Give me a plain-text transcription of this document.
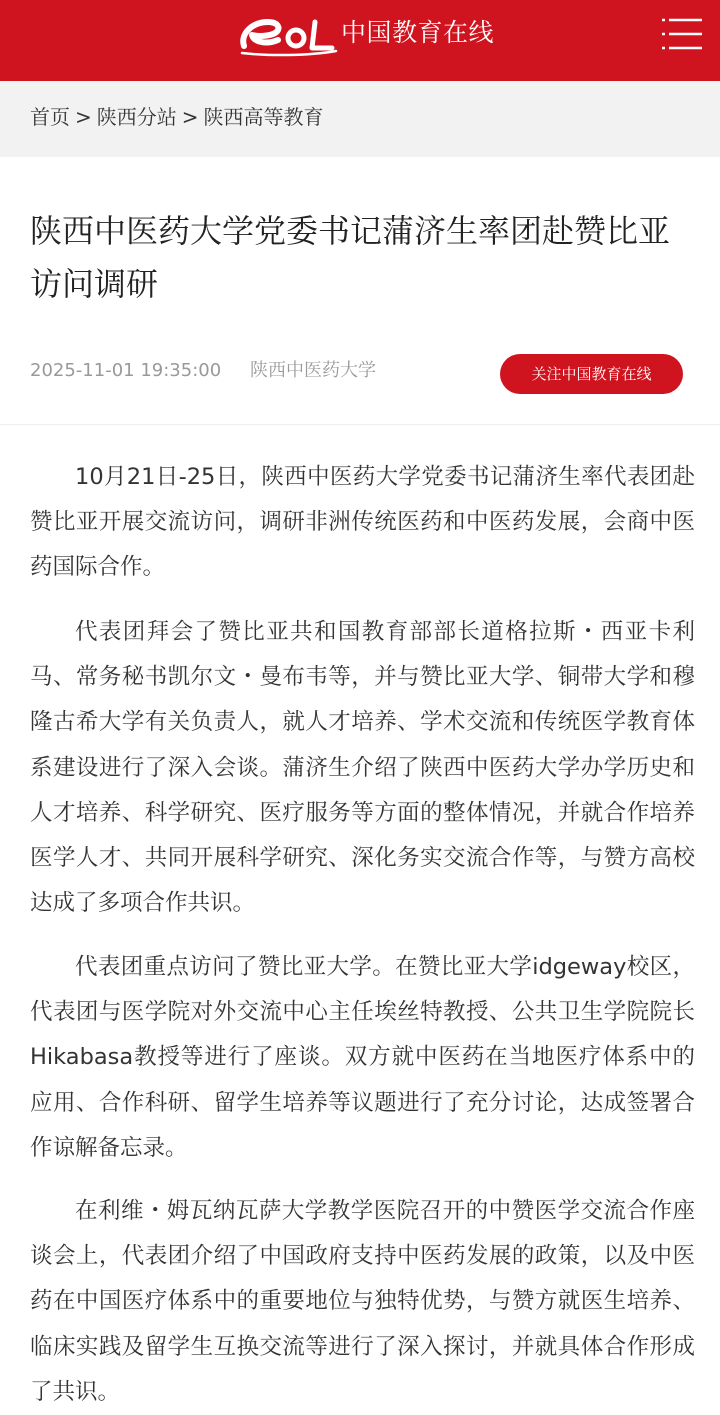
中国教育在线
首页 > 陕西分站 > 陕西高等教育
陕西中医药大学党委书记蒲济生率团赴赞比亚访问调研
2025-11-01 19:35:00 陕西中医药大学	关注中国教育在线

10月21日-25日，陕西中医药大学党委书记蒲济生率代表团赴赞比亚开展交流访问，调研非洲传统医药和中医药发展，会商中医药国际合作。

代表团拜会了赞比亚共和国教育部部长道格拉斯・西亚卡利马、常务秘书凯尔文・曼布韦等，并与赞比亚大学、铜带大学和穆隆古希大学有关负责人，就人才培养、学术交流和传统医学教育体系建设进行了深入会谈。蒲济生介绍了陕西中医药大学办学历史和人才培养、科学研究、医疗服务等方面的整体情况，并就合作培养医学人才、共同开展科学研究、深化务实交流合作等，与赞方高校达成了多项合作共识。

代表团重点访问了赞比亚大学。在赞比亚大学idgeway校区，代表团与医学院对外交流中心主任埃丝特教授、公共卫生学院院长Hikabasa教授等进行了座谈。双方就中医药在当地医疗体系中的应用、合作科研、留学生培养等议题进行了充分讨论，达成签署合作谅解备忘录。

在利维・姆瓦纳瓦萨大学教学医院召开的中赞医学交流合作座谈会上，代表团介绍了中国政府支持中医药发展的政策，以及中医药在中国医疗体系中的重要地位与独特优势，与赞方就医生培养、临床实践及留学生互换交流等进行了深入探讨，并就具体合作形成了共识。
